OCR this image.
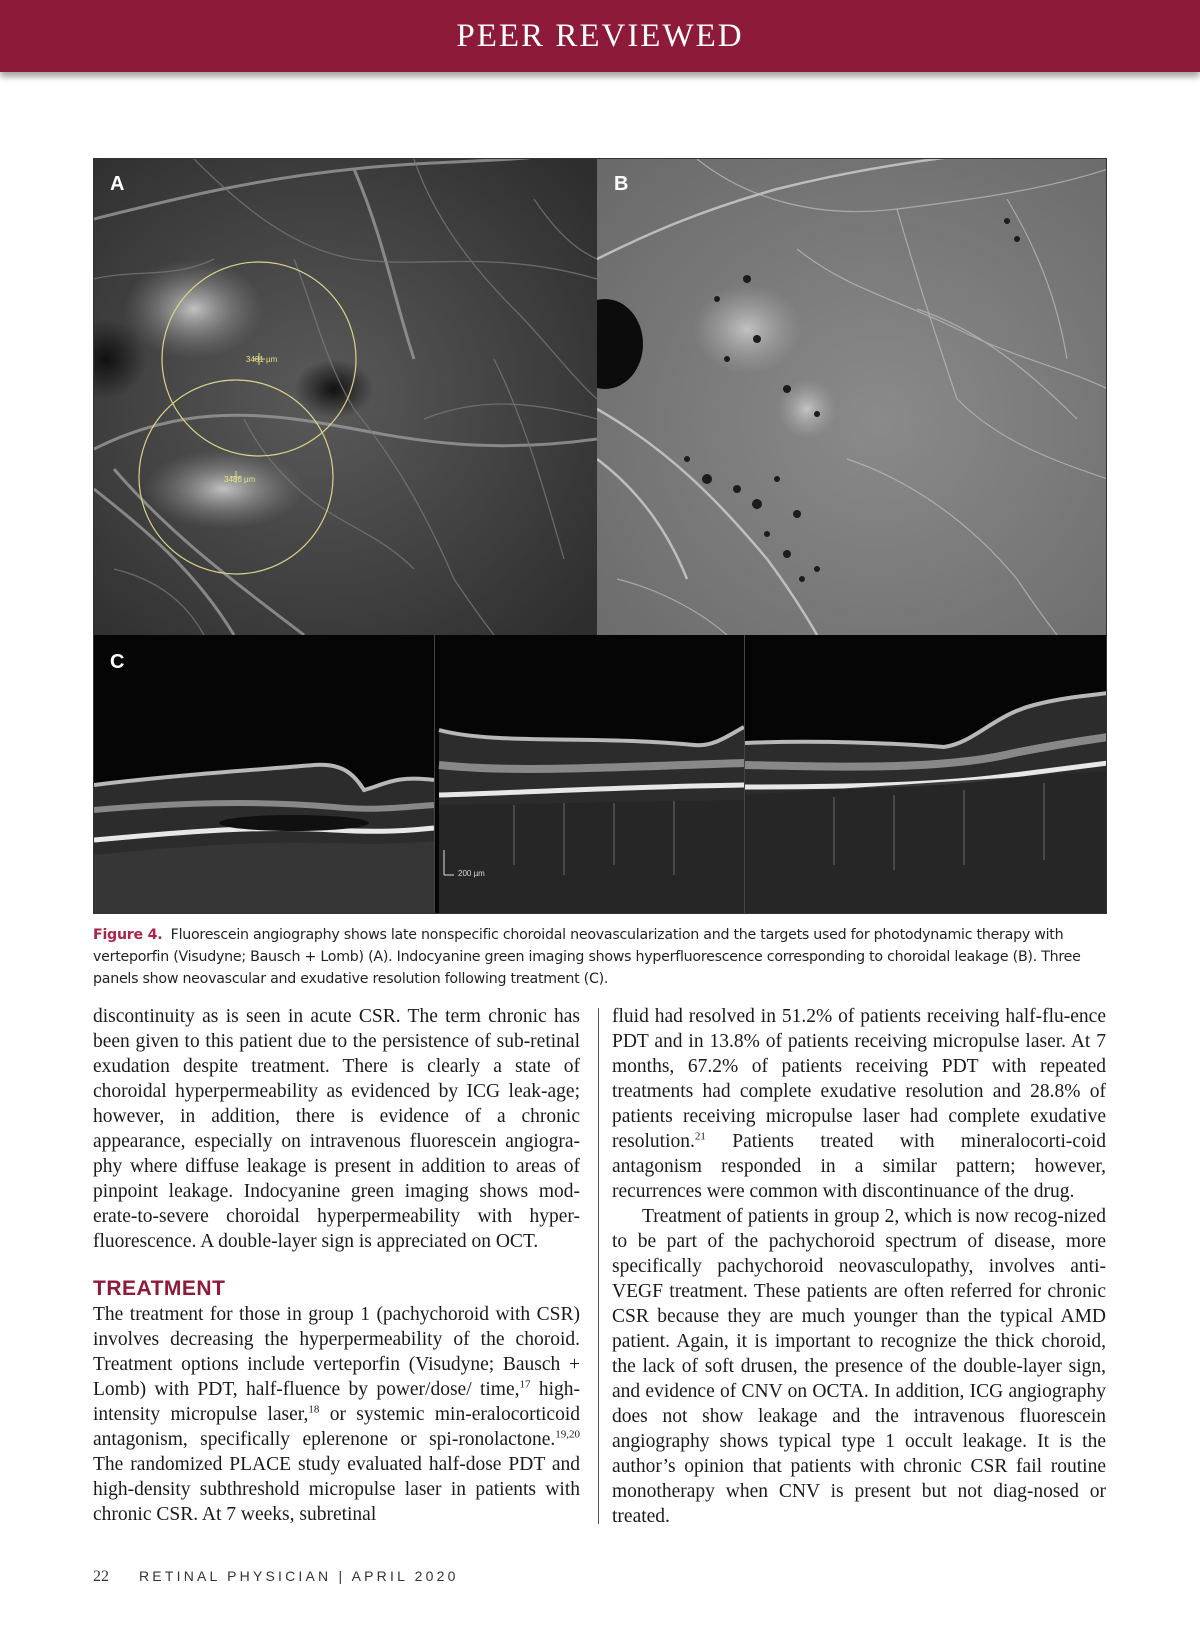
PEER REVIEWED
A
3481 µm
3486 µm
B
C
200 µm
Figure 4. Fluorescein angiography shows late nonspecific choroidal neovascularization and the targets used for photodynamic therapy with verteporfin (Visudyne; Bausch + Lomb) (A). Indocyanine green imaging shows hyperfluorescence corresponding to choroidal leakage (B). Three panels show neovascular and exudative resolution following treatment (C).

discontinuity as is seen in acute CSR. The term chronic has been given to this patient due to the persistence of sub-retinal exudation despite treatment. There is clearly a state of choroidal hyperpermeability as evidenced by ICG leak-age; however, in addition, there is evidence of a chronic appearance, especially on intravenous fluorescein angiogra-phy where diffuse leakage is present in addition to areas of pinpoint leakage. Indocyanine green imaging shows mod-erate-to-severe choroidal hyperpermeability with hyper-fluorescence. A double-layer sign is appreciated on OCT.

TREATMENT

The treatment for those in group 1 (pachychoroid with CSR) involves decreasing the hyperpermeability of the choroid. Treatment options include verteporfin (Visudyne; Bausch + Lomb) with PDT, half-fluence by power/dose/ time,$^{17}$ high-intensity micropulse laser,$^{18}$ or systemic min-eralocorticoid antagonism, specifically eplerenone or spi-ronolactone.$^{19,20}$ The randomized PLACE study evaluated half-dose PDT and high-density subthreshold micropulse laser in patients with chronic CSR. At 7 weeks, subretinal

fluid had resolved in 51.2% of patients receiving half-flu-ence PDT and in 13.8% of patients receiving micropulse laser. At 7 months, 67.2% of patients receiving PDT with repeated treatments had complete exudative resolution and 28.8% of patients receiving micropulse laser had complete exudative resolution.$^{21}$ Patients treated with mineralocorti-coid antagonism responded in a similar pattern; however, recurrences were common with discontinuance of the drug.

Treatment of patients in group 2, which is now recog-nized to be part of the pachychoroid spectrum of disease, more specifically pachychoroid neovasculopathy, involves anti-VEGF treatment. These patients are often referred for chronic CSR because they are much younger than the typical AMD patient. Again, it is important to recognize the thick choroid, the lack of soft drusen, the presence of the double-layer sign, and evidence of CNV on OCTA. In addition, ICG angiography does not show leakage and the intravenous fluorescein angiography shows typical type 1 occult leakage. It is the author’s opinion that patients with chronic CSR fail routine monotherapy when CNV is present but not diag-nosed or treated.

22 RETINAL PHYSICIAN | APRIL 2020
